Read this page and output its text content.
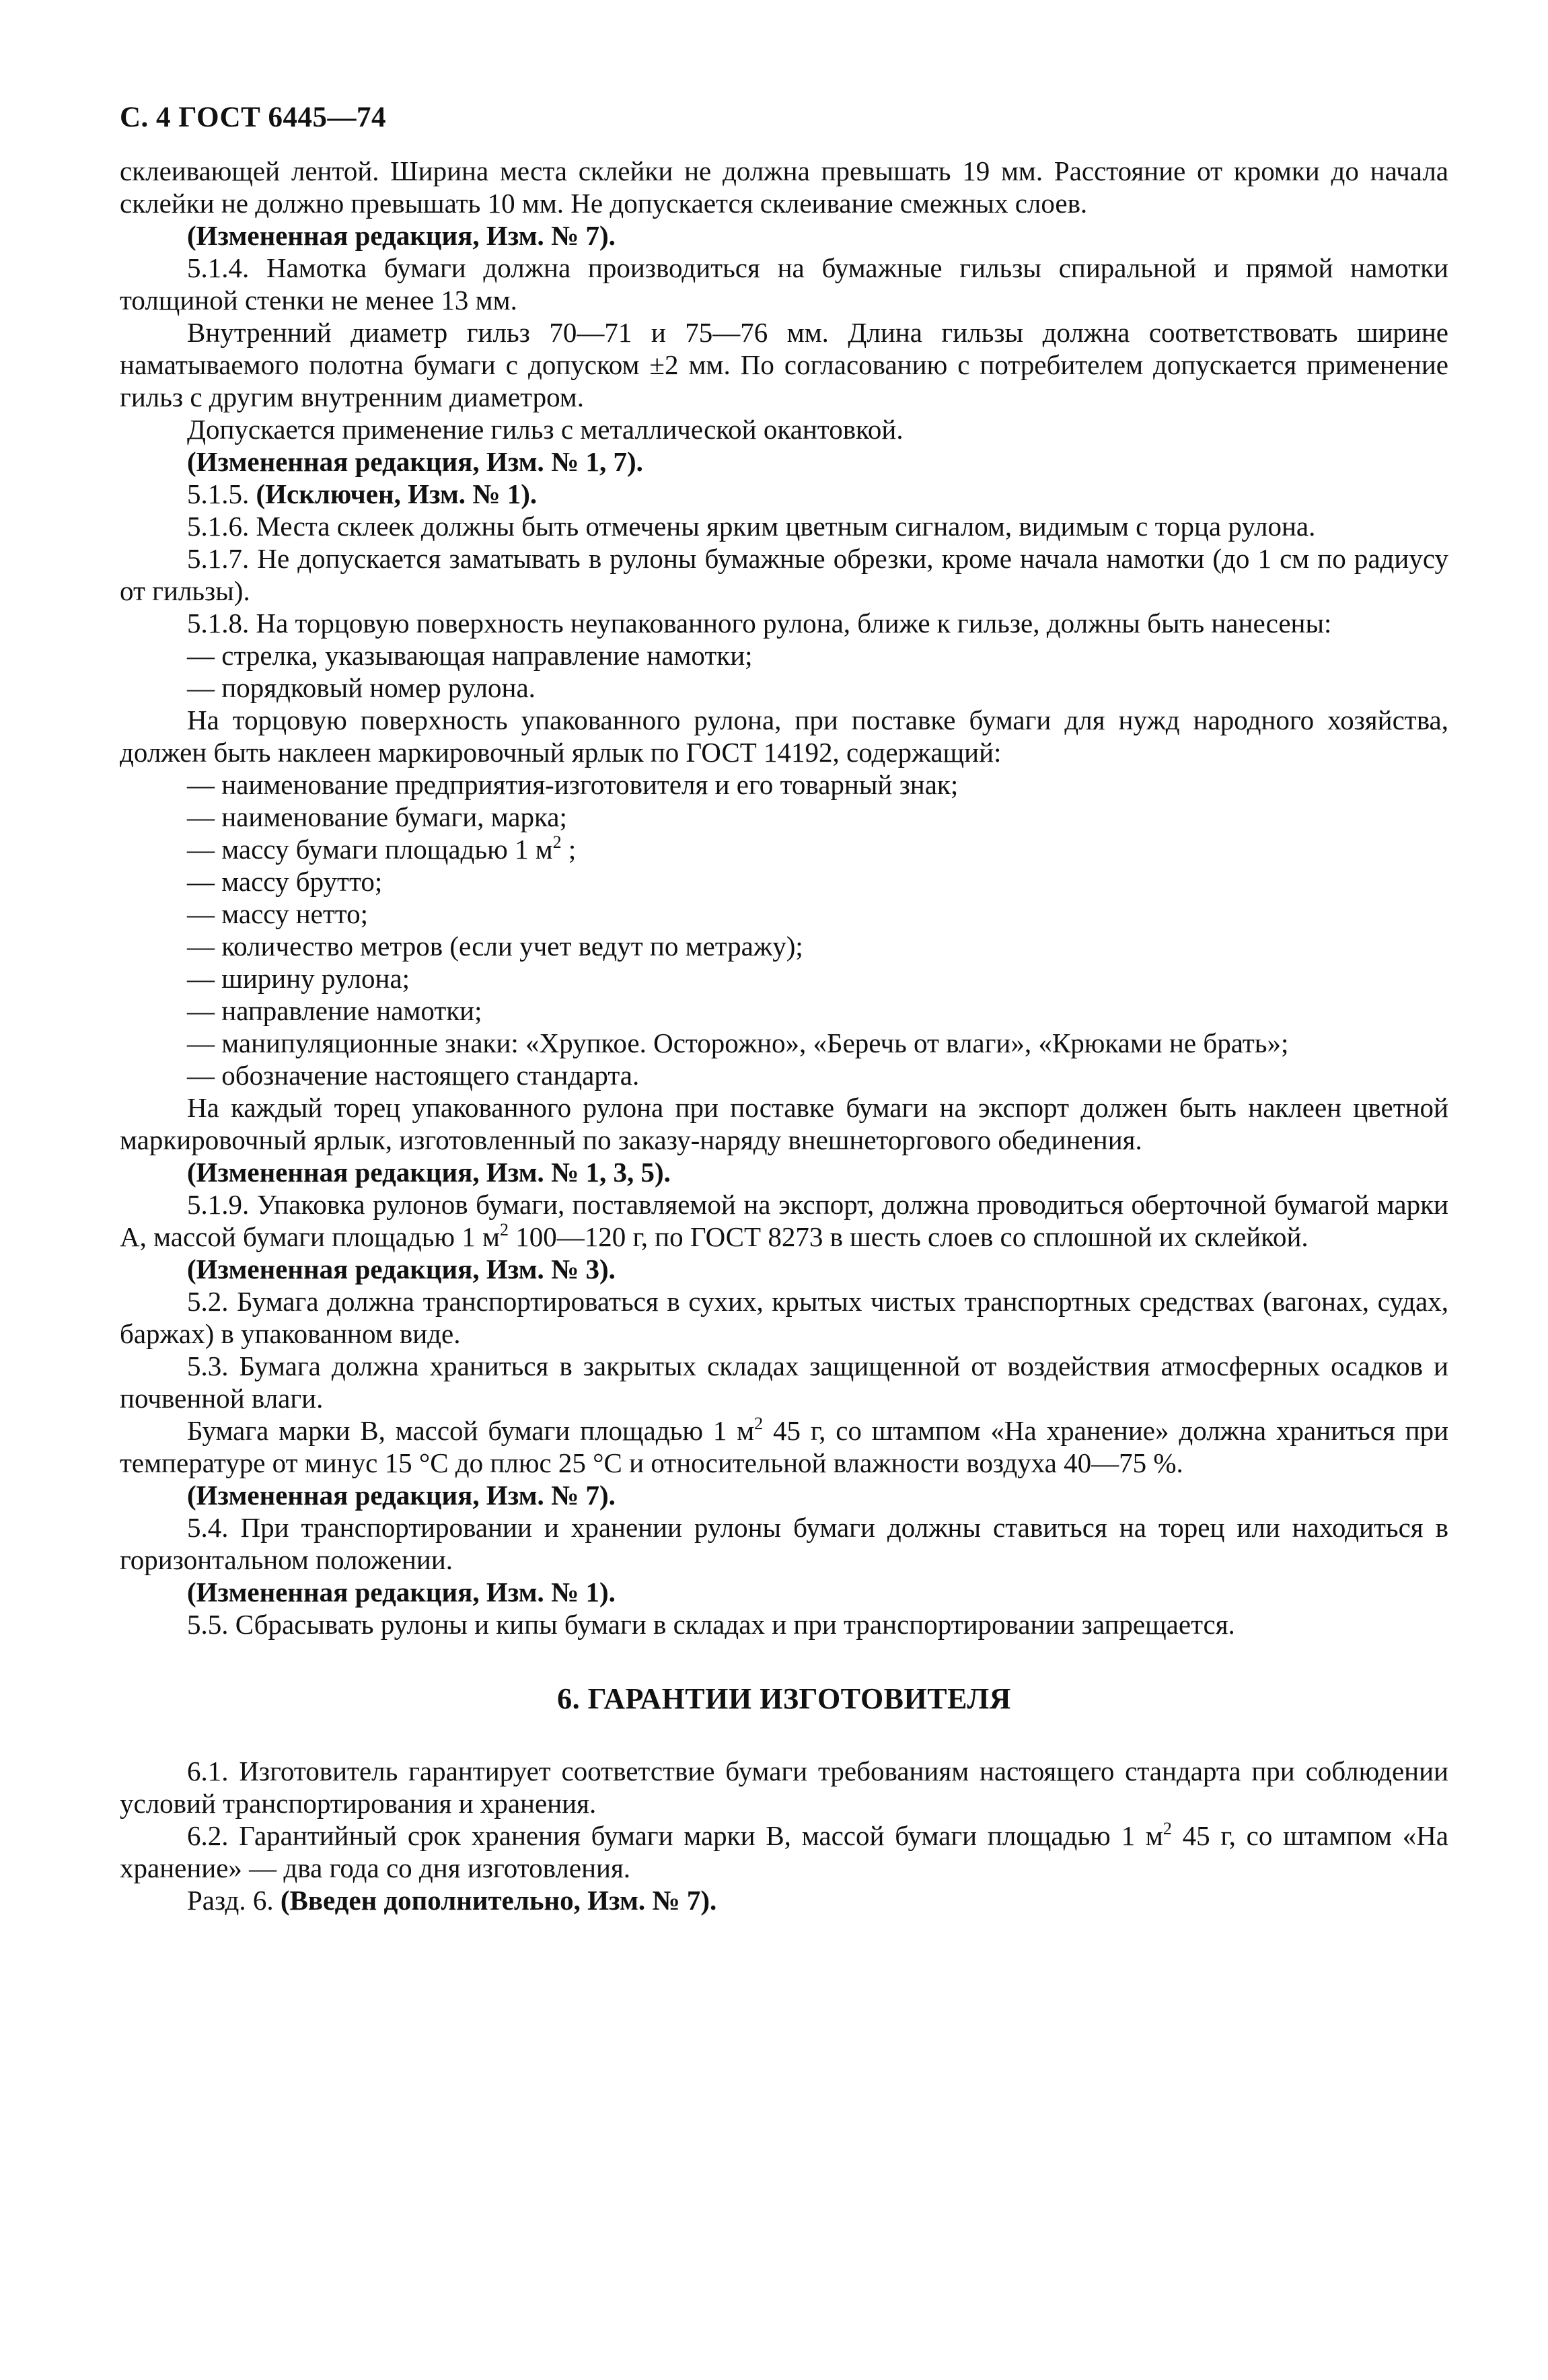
С. 4 ГОСТ 6445—74

склеивающей лентой. Ширина места склейки не должна превышать 19 мм. Расстояние от кромки до начала склейки не должно превышать 10 мм. Не допускается склеивание смежных слоев.

(Измененная редакция, Изм. № 7).

5.1.4. Намотка бумаги должна производиться на бумажные гильзы спиральной и прямой намотки толщиной стенки не менее 13 мм.

Внутренний диаметр гильз 70—71 и 75—76 мм. Длина гильзы должна соответствовать ширине наматываемого полотна бумаги с допуском ±2 мм. По согласованию с потребителем допускается применение гильз с другим внутренним диаметром.

Допускается применение гильз с металлической окантовкой.

(Измененная редакция, Изм. № 1, 7).

5.1.5. (Исключен, Изм. № 1).

5.1.6. Места склеек должны быть отмечены ярким цветным сигналом, видимым с торца рулона.

5.1.7. Не допускается заматывать в рулоны бумажные обрезки, кроме начала намотки (до 1 см по радиусу от гильзы).

5.1.8. На торцовую поверхность неупакованного рулона, ближе к гильзе, должны быть нанесены:

— стрелка, указывающая направление намотки;

— порядковый номер рулона.

На торцовую поверхность упакованного рулона, при поставке бумаги для нужд народного хозяйства, должен быть наклеен маркировочный ярлык по ГОСТ 14192, содержащий:

— наименование предприятия-изготовителя и его товарный знак;

— наименование бумаги, марка;

— массу бумаги площадью 1 $м^2$ ;

— массу брутто;

— массу нетто;

— количество метров (если учет ведут по метражу);

— ширину рулона;

— направление намотки;

— манипуляционные знаки: «Хрупкое. Осторожно», «Беречь от влаги», «Крюками не брать»;

— обозначение настоящего стандарта.

На каждый торец упакованного рулона при поставке бумаги на экспорт должен быть наклеен цветной маркировочный ярлык, изготовленный по заказу-наряду внешнеторгового обединения.

(Измененная редакция, Изм. № 1, 3, 5).

5.1.9. Упаковка рулонов бумаги, поставляемой на экспорт, должна проводиться оберточной бумагой марки А, массой бумаги площадью 1 $м^2$ 100—120 г, по ГОСТ 8273 в шесть слоев со сплошной их склейкой.

(Измененная редакция, Изм. № 3).

5.2. Бумага должна транспортироваться в сухих, крытых чистых транспортных средствах (вагонах, судах, баржах) в упакованном виде.

5.3. Бумага должна храниться в закрытых складах защищенной от воздействия атмосферных осадков и почвенной влаги.

Бумага марки В, массой бумаги площадью 1 $м^2$ 45 г, со штампом «На хранение» должна храниться при температуре от минус 15 °С до плюс 25 °С и относительной влажности воздуха 40—75 %.

(Измененная редакция, Изм. № 7).

5.4. При транспортировании и хранении рулоны бумаги должны ставиться на торец или находиться в горизонтальном положении.

(Измененная редакция, Изм. № 1).

5.5. Сбрасывать рулоны и кипы бумаги в складах и при транспортировании запрещается.

6. ГАРАНТИИ ИЗГОТОВИТЕЛЯ

6.1. Изготовитель гарантирует соответствие бумаги требованиям настоящего стандарта при соблюдении условий транспортирования и хранения.

6.2. Гарантийный срок хранения бумаги марки В, массой бумаги площадью 1 $м^2$ 45 г, со штампом «На хранение» — два года со дня изготовления.

Разд. 6. (Введен дополнительно, Изм. № 7).
